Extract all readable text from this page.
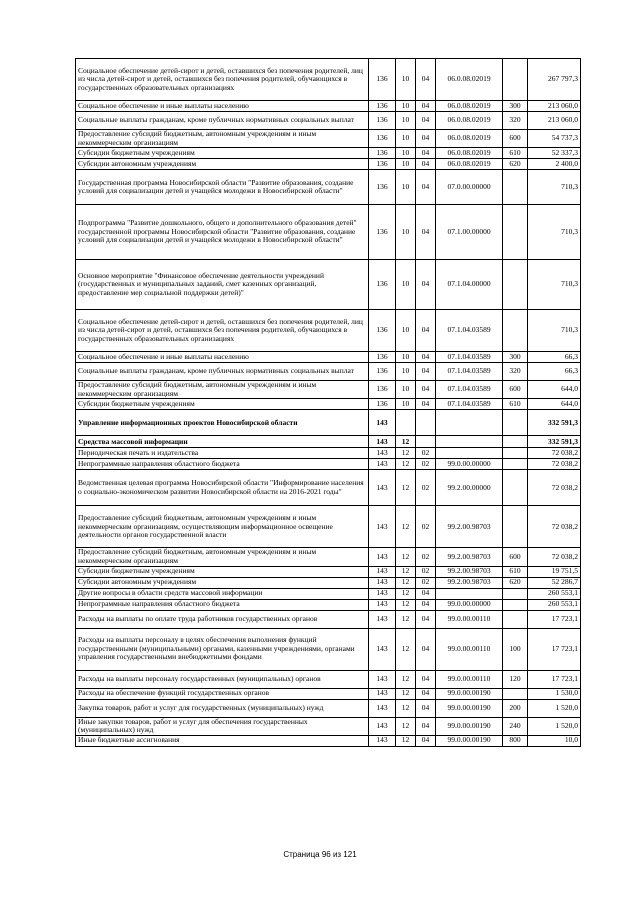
Социальное обеспечение детей-сирот и детей, оставшихся без попечения родителей, лиц из числа детей-сирот и детей, оставшихся без попечения родителей, обучающихся в государственных образовательных организациях	136	10	04	06.0.08.02019		267 797,3
Социальное обеспечение и иные выплаты населению	136	10	04	06.0.08.02019	300	213 060,0
Социальные выплаты гражданам, кроме публичных нормативных социальных выплат	136	10	04	06.0.08.02019	320	213 060,0
Предоставление субсидий бюджетным, автономным учреждениям и иным некоммерческим организациям	136	10	04	06.0.08.02019	600	54 737,3
Субсидии бюджетным учреждениям	136	10	04	06.0.08.02019	610	52 337,3
Субсидии автономным учреждениям	136	10	04	06.0.08.02019	620	2 400,0
Государственная программа Новосибирской области "Развитие образования, создание условий для социализации детей и учащейся молодежи в Новосибирской области"	136	10	04	07.0.00.00000		710,3
Подпрограмма "Развитие дошкольного, общего и дополнительного образования детей" государственной программы Новосибирской области "Развитие образования, создание условий для социализации детей и учащейся молодежи в Новосибирской области"	136	10	04	07.1.00.00000		710,3
Основное мероприятие "Финансовое обеспечение деятельности учреждений (государственных и муниципальных заданий, смет казенных организаций, предоставление мер социальной поддержки детей)"	136	10	04	07.1.04.00000		710,3
Социальное обеспечение детей-сирот и детей, оставшихся без попечения родителей, лиц из числа детей-сирот и детей, оставшихся без попечения родителей, обучающихся в государственных образовательных организациях	136	10	04	07.1.04.03589		710,3
Социальное обеспечение и иные выплаты населению	136	10	04	07.1.04.03589	300	66,3
Социальные выплаты гражданам, кроме публичных нормативных социальных выплат	136	10	04	07.1.04.03589	320	66,3
Предоставление субсидий бюджетным, автономным учреждениям и иным некоммерческим организациям	136	10	04	07.1.04.03589	600	644,0
Субсидии бюджетным учреждениям	136	10	04	07.1.04.03589	610	644,0
Управление информационных проектов Новосибирской области	143					332 591,3
Средства массовой информации	143	12				332 591,3
Периодическая печать и издательства	143	12	02			72 038,2
Непрограммные направления областного бюджета	143	12	02	99.0.00.00000		72 038,2
Ведомственная целевая программа Новосибирской области "Информирование населения о социально-экономическом развитии Новосибирской области на 2016-2021 годы"	143	12	02	99.2.00.00000		72 038,2
Предоставление субсидий бюджетным, автономным учреждениям и иным некоммерческим организациям, осуществляющим информационное освещение деятельности органов государственной власти	143	12	02	99.2.00.98703		72 038,2
Предоставление субсидий бюджетным, автономным учреждениям и иным некоммерческим организациям	143	12	02	99.2.00.98703	600	72 038,2
Субсидии бюджетным учреждениям	143	12	02	99.2.00.98703	610	19 751,5
Субсидии автономным учреждениям	143	12	02	99.2.00.98703	620	52 286,7
Другие вопросы в области средств массовой информации	143	12	04			260 553,1
Непрограммные направления областного бюджета	143	12	04	99.0.00.00000		260 553,1
Расходы на выплаты по оплате труда работников государственных органов	143	12	04	99.0.00.00110		17 723,1
Расходы на выплаты персоналу в целях обеспечения выполнения функций государственными (муниципальными) органами, казенными учреждениями, органами управления государственными внебюджетными фондами	143	12	04	99.0.00.00110	100	17 723,1
Расходы на выплаты персоналу государственных (муниципальных) органов	143	12	04	99.0.00.00110	120	17 723,1
Расходы на обеспечение функций государственных органов	143	12	04	99.0.00.00190		1 530,0
Закупка товаров, работ и услуг для государственных (муниципальных) нужд	143	12	04	99.0.00.00190	200	1 520,0
Иные закупки товаров, работ и услуг для обеспечения государственных (муниципальных) нужд	143	12	04	99.0.00.00190	240	1 520,0
Иные бюджетные ассигнования	143	12	04	99.0.00.00190	800	10,0
Страница 96 из 121
